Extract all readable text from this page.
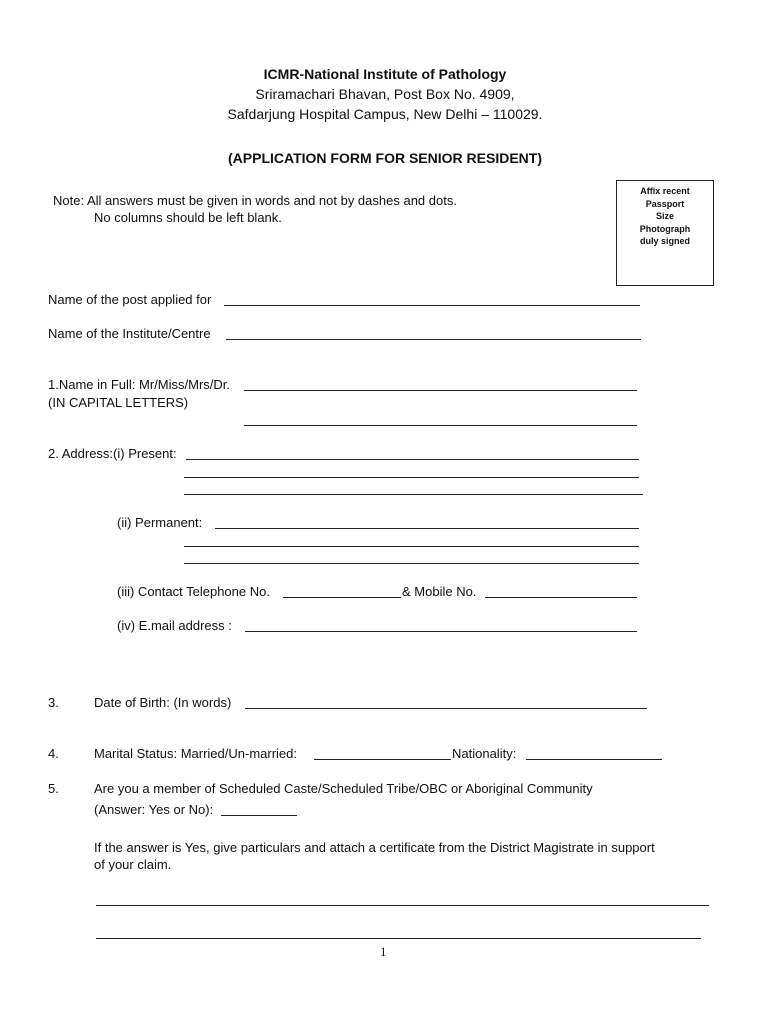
ICMR-National Institute of Pathology
Sriramachari Bhavan, Post Box No. 4909,
Safdarjung Hospital Campus, New Delhi – 110029.
(APPLICATION FORM FOR SENIOR RESIDENT)
Note: All answers must be given in words and not by dashes and dots.
No columns should be left blank.
Affix recent
Passport
Size
Photograph
duly signed
Name of the post applied for
Name of the Institute/Centre
1.Name in Full: Mr/Miss/Mrs/Dr.
(IN CAPITAL LETTERS)
2. Address:(i) Present:
(ii) Permanent:
(iii) Contact Telephone No.	& Mobile No.
(iv) E.mail address :
3.	Date of Birth: (In words)
4.	Marital Status: Married/Un-married:	Nationality:
5.	Are you a member of Scheduled Caste/Scheduled Tribe/OBC or Aboriginal Community
(Answer: Yes or No):
If the answer is Yes, give particulars and attach a certificate from the District Magistrate in support
of your claim.
1
